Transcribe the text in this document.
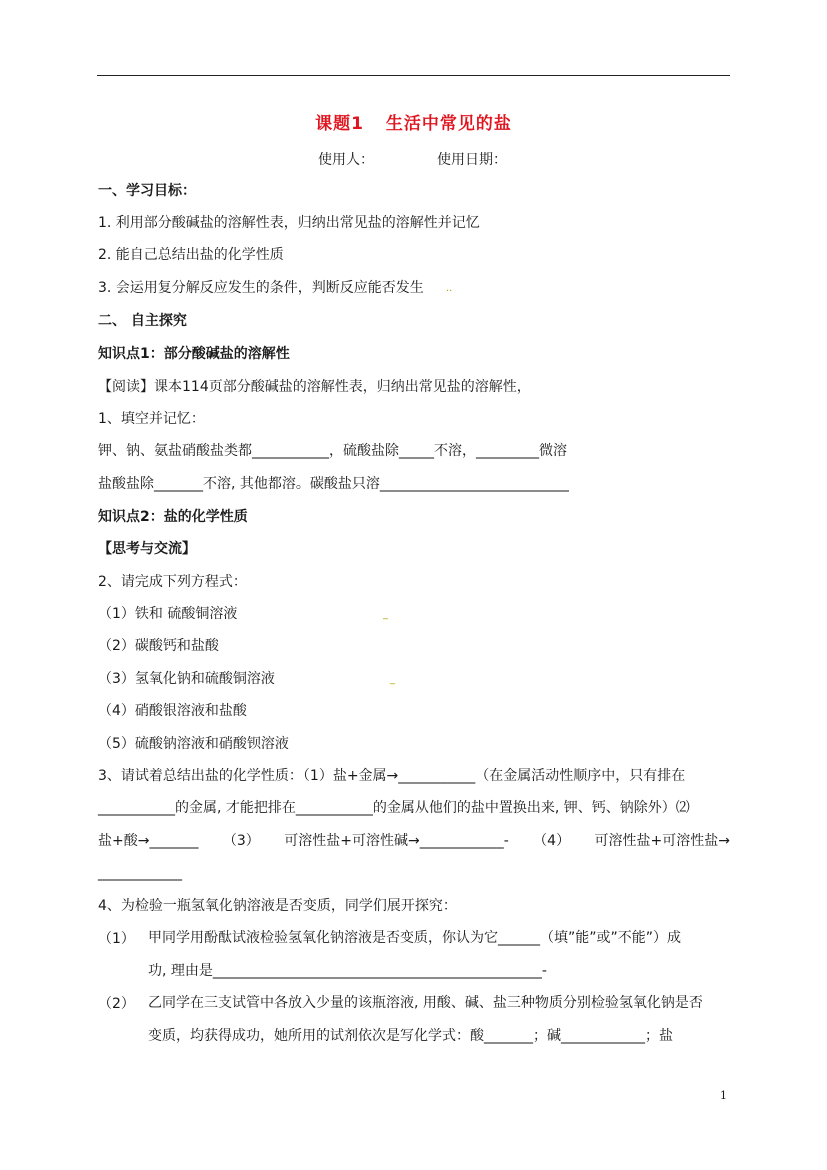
课题1 生活中常见的盐
使用人：	使用日期：
一、学习目标：
1. 利用部分酸碱盐的溶解性表，归纳出常见盐的溶解性并记忆
2. 能自己总结出盐的化学性质
3. 会运用复分解反应发生的条件，判断反应能否发生 ..
二、 自主探究
知识点1：部分酸碱盐的溶解性
【阅读】课本114页部分酸碱盐的溶解性表，归纳出常见盐的溶解性，
1、填空并记忆：
钾、钠、氨盐硝酸盐类都___________，硫酸盐除_____不溶，_________微溶
盐酸盐除_______不溶, 其他都溶。碳酸盐只溶___________________________
知识点2：盐的化学性质
【思考与交流】
2、请完成下列方程式：
（1）铁和 硫酸铜溶液	_
（2）碳酸钙和盐酸
（3）氢氧化钠和硫酸铜溶液	_
（4）硝酸银溶液和盐酸
（5）硫酸钠溶液和硝酸钡溶液
3、请试着总结出盐的化学性质：（1）盐+金属→___________（在金属活动性顺序中，只有排在
___________的金属, 才能把排在___________的金属从他们的盐中置换出来, 钾、钙、钠除外）⑵
盐+酸→_______ （3） 可溶性盐+可溶性碱→____________- （4） 可溶性盐+可溶性盐→
____________
4、为检验一瓶氢氧化钠溶液是否变质，同学们展开探究：
（1） 甲同学用酚酞试液检验氢氧化钠溶液是否变质，你认为它______（填”能”或”不能”）成
功, 理由是_______________________________________________-
（2） 乙同学在三支试管中各放入少量的该瓶溶液, 用酸、碱、盐三种物质分别检验氢氧化钠是否
变质，均获得成功，她所用的试剂依次是写化学式：酸_______；碱____________；盐
1
